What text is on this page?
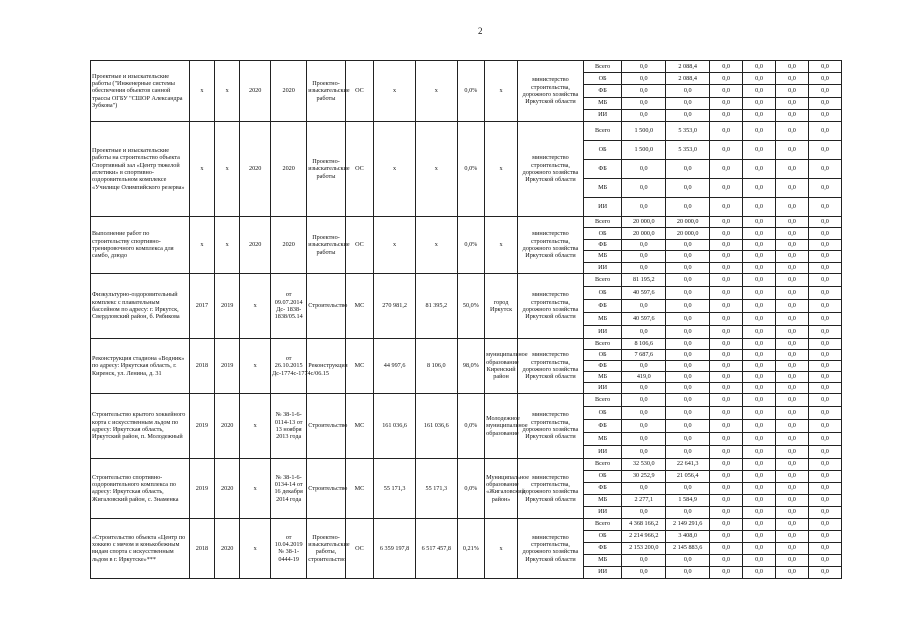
2
Проектные и изыскательские работы ("Инженерные системы обеспечения объектов санной трассы ОГБУ "СШОР Александра Зубкова")	х	х	2020	2020	Проектно-изыскательские работы	ОС	х	х	0,0%	х	министерство строительства, дорожного хозяйства Иркутской области	Всего	0,0	2 088,4	0,0	0,0	0,0	0,0
												ОБ	0,0	2 088,4	0,0	0,0	0,0	0,0
												ФБ	0,0	0,0	0,0	0,0	0,0	0,0
												МБ	0,0	0,0	0,0	0,0	0,0	0,0
												ИИ	0,0	0,0	0,0	0,0	0,0	0,0
Проектные и изыскательские работы на строительство объекта Спортивный зал «Центр тяжелой атлетики» в спортивно-оздоровительном комплексе «Училище Олимпийского резерва»	х	х	2020	2020	Проектно-изыскательские работы	ОС	х	х	0,0%	х	министерство строительства, дорожного хозяйства Иркутской области	Всего	1 500,0	5 353,0	0,0	0,0	0,0	0,0
												ОБ	1 500,0	5 353,0	0,0	0,0	0,0	0,0
												ФБ	0,0	0,0	0,0	0,0	0,0	0,0
												МБ	0,0	0,0	0,0	0,0	0,0	0,0
												ИИ	0,0	0,0	0,0	0,0	0,0	0,0
Выполнение работ по строительству спортивно-тренировочного комплекса для самбо, дзюдо	х	х	2020	2020	Проектно-изыскательские работы	ОС	х	х	0,0%	х	министерство строительства, дорожного хозяйства Иркутской области	Всего	20 000,0	20 000,0	0,0	0,0	0,0	0,0
												ОБ	20 000,0	20 000,0	0,0	0,0	0,0	0,0
												ФБ	0,0	0,0	0,0	0,0	0,0	0,0
												МБ	0,0	0,0	0,0	0,0	0,0	0,0
												ИИ	0,0	0,0	0,0	0,0	0,0	0,0
Физкультурно-оздоровительный комплекс с плавательным бассейном по адресу: г. Иркутск, Свердловский район, б. Рябикова	2017	2019	х	от 09.07.2014 Дс- 1838-1838/05.14	Строительство	МС	270 981,2	81 395,2	50,0%	город Иркутск	министерство строительства, дорожного хозяйства Иркутской области	Всего	81 195,2	0,0	0,0	0,0	0,0	0,0
												ОБ	40 597,6	0,0	0,0	0,0	0,0	0,0
												ФБ	0,0	0,0	0,0	0,0	0,0	0,0
												МБ	40 597,6	0,0	0,0	0,0	0,0	0,0
												ИИ	0,0	0,0	0,0	0,0	0,0	0,0
Реконструкция стадиона «Водник» по адресу: Иркутская область, г. Киренск, ул. Ленина, д. 31	2018	2019	х	от 26.10.2015 Дс-1774с-1774с/06.15	Реконструкция	МС	44 997,6	8 106,0	98,0%	муниципальное образование Киренский район	министерство строительства, дорожного хозяйства Иркутской области	Всего	8 106,6	0,0	0,0	0,0	0,0	0,0
												ОБ	7 687,6	0,0	0,0	0,0	0,0	0,0
												ФБ	0,0	0,0	0,0	0,0	0,0	0,0
												МБ	419,0	0,0	0,0	0,0	0,0	0,0
												ИИ	0,0	0,0	0,0	0,0	0,0	0,0
Строительство крытого хоккейного корта с искусственным льдом по адресу: Иркутская область, Иркутский район, п. Молодежный	2019	2020	х	№ 38-1-6-0114-13 от 13 ноября 2013 года	Строительство	МС	161 036,6	161 036,6	0,0%	Молодежное муниципальное образование	министерство строительства, дорожного хозяйства Иркутской области	Всего	0,0	0,0	0,0	0,0	0,0	0,0
												ОБ	0,0	0,0	0,0	0,0	0,0	0,0
												ФБ	0,0	0,0	0,0	0,0	0,0	0,0
												МБ	0,0	0,0	0,0	0,0	0,0	0,0
												ИИ	0,0	0,0	0,0	0,0	0,0	0,0
Строительство спортивно-оздоровительного комплекса по адресу: Иркутская область, Жигаловский район, с. Знаменка	2019	2020	х	№ 38-1-6-0134-14 от 16 декабря 2014 года	Строительство	МС	55 171,3	55 171,3	0,0%	Муниципальное образование «Жигаловский район»	министерство строительства, дорожного хозяйства Иркутской области	Всего	32 530,0	22 641,3	0,0	0,0	0,0	0,0
												ОБ	30 252,9	21 056,4	0,0	0,0	0,0	0,0
												ФБ	0,0	0,0	0,0	0,0	0,0	0,0
												МБ	2 277,1	1 584,9	0,0	0,0	0,0	0,0
												ИИ	0,0	0,0	0,0	0,0	0,0	0,0
«Строительство объекта «Центр по хоккею с мячом и конькобежным видам спорта с искусственным льдом в г. Иркутске»***	2018	2020	х	от 10.04.2019 № 38-1-0444-19	Проектно-изыскательские работы, строительство	ОС	6 359 197,8	6 517 457,8	0,21%	х	министерство строительства, дорожного хозяйства Иркутской области	Всего	4 368 166,2	2 149 291,6	0,0	0,0	0,0	0,0
												ОБ	2 214 966,2	3 408,0	0,0	0,0	0,0	0,0
												ФБ	2 153 200,0	2 145 883,6	0,0	0,0	0,0	0,0
												МБ	0,0	0,0	0,0	0,0	0,0	0,0
												ИИ	0,0	0,0	0,0	0,0	0,0	0,0
